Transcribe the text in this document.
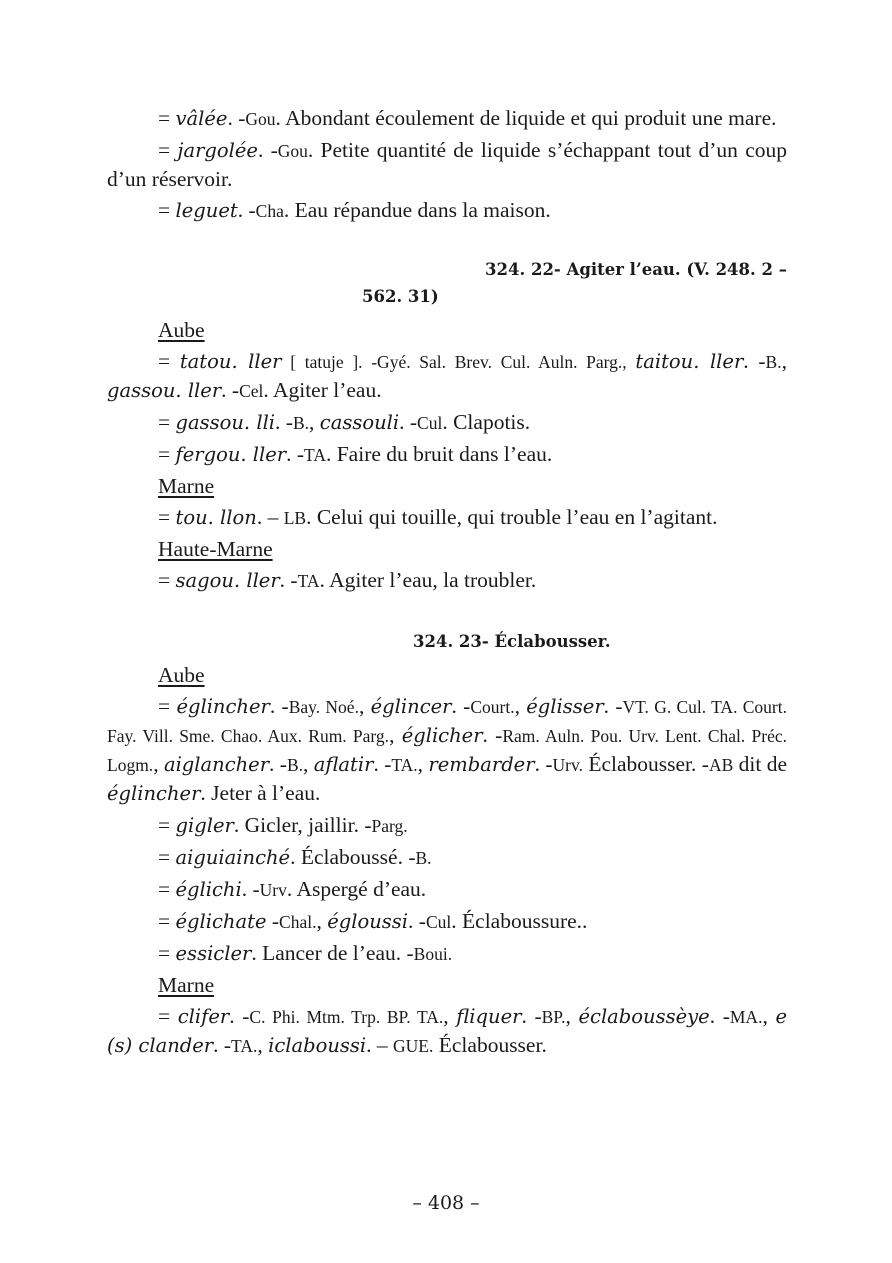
= vâlée. -Gou. Abondant écoulement de liquide et qui produit une mare.

= jargolée. -Gou. Petite quantité de liquide s’échappant tout d’un coup d’un réservoir.

= leguet. -Cha. Eau répandue dans la maison.

324. 22- Agiter l’eau. (V. 248. 2 –
562. 31)
Aube

= tatou. ller [ tatuje ]. -Gyé. Sal. Brev. Cul. Auln. Parg., taitou. ller. -B., gassou. ller. -Cel. Agiter l’eau.

= gassou. lli. -B., cassouli. -Cul. Clapotis.

= fergou. ller. -TA. Faire du bruit dans l’eau.

Marne

= tou. llon. – LB. Celui qui touille, qui trouble l’eau en l’agitant.

Haute-Marne

= sagou. ller. -TA. Agiter l’eau, la troubler.

324. 23- Éclabousser.
Aube

= églincher. -Bay. Noé., églincer. -Court., églisser. -VT. G. Cul. TA. Court. Fay. Vill. Sme. Chao. Aux. Rum. Parg., églicher. -Ram. Auln. Pou. Urv. Lent. Chal. Préc. Logm., aiglancher. -B., aflatir. -TA., rembarder. -Urv. Éclabousser. -AB dit de églincher. Jeter à l’eau.

= gigler. Gicler, jaillir. -Parg.

= aiguiainché. Éclaboussé. -B.

= églichi. -Urv. Aspergé d’eau.

= églichate -Chal., égloussi. -Cul. Éclaboussure..

= essicler. Lancer de l’eau. -Boui.

Marne

= clifer. -C. Phi. Mtm. Trp. BP. TA., fliquer. -BP., éclaboussèye. -MA., e (s) clander. -TA., iclaboussi. – GUE. Éclabousser.

– 408 –
